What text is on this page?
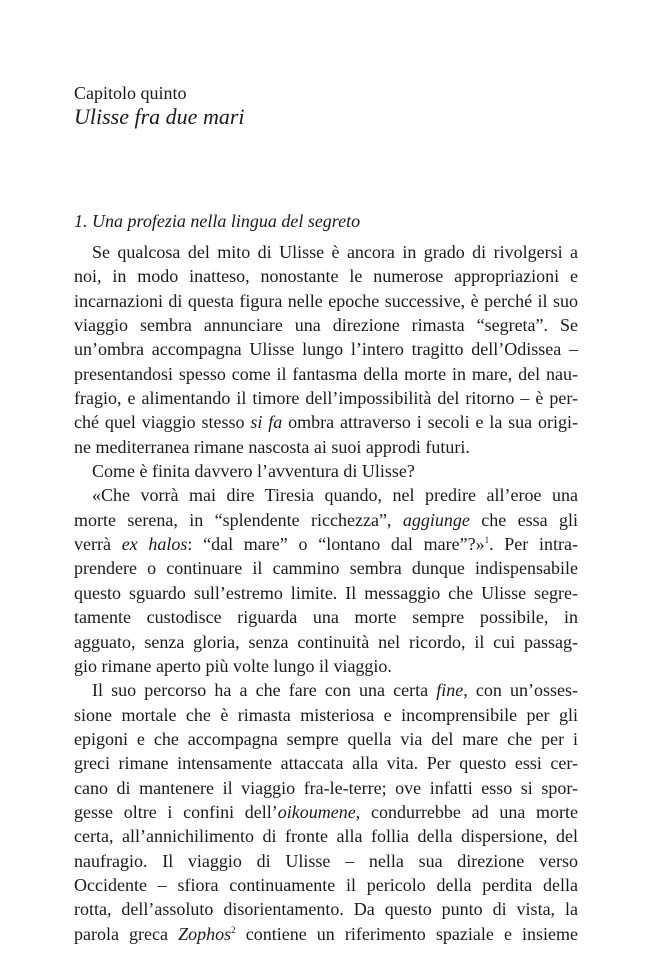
Capitolo quinto
Ulisse fra due mari
1. Una profezia nella lingua del segreto
Se qualcosa del mito di Ulisse è ancora in grado di rivolgersi a
noi, in modo inatteso, nonostante le numerose appropriazioni e
incarnazioni di questa figura nelle epoche successive, è perché il suo
viaggio sembra annunciare una direzione rimasta “segreta”. Se
un’ombra accompagna Ulisse lungo l’intero tragitto dell’Odissea –
presentandosi spesso come il fantasma della morte in mare, del nau-
fragio, e alimentando il timore dell’impossibilità del ritorno – è per-
ché quel viaggio stesso si fa ombra attraverso i secoli e la sua origi-
ne mediterranea rimane nascosta ai suoi approdi futuri.
Come è finita davvero l’avventura di Ulisse?
«Che vorrà mai dire Tiresia quando, nel predire all’eroe una
morte serena, in “splendente ricchezza”, aggiunge che essa gli
verrà ex halos: “dal mare” o “lontano dal mare”?»$^1$. Per intra-
prendere o continuare il cammino sembra dunque indispensabile
questo sguardo sull’estremo limite. Il messaggio che Ulisse segre-
tamente custodisce riguarda una morte sempre possibile, in
agguato, senza gloria, senza continuità nel ricordo, il cui passag-
gio rimane aperto più volte lungo il viaggio.
Il suo percorso ha a che fare con una certa fine, con un’osses-
sione mortale che è rimasta misteriosa e incomprensibile per gli
epigoni e che accompagna sempre quella via del mare che per i
greci rimane intensamente attaccata alla vita. Per questo essi cer-
cano di mantenere il viaggio fra-le-terre; ove infatti esso si spor-
gesse oltre i confini dell’oikoumene, condurrebbe ad una morte
certa, all’annichilimento di fronte alla follia della dispersione, del
naufragio. Il viaggio di Ulisse – nella sua direzione verso
Occidente – sfiora continuamente il pericolo della perdita della
rotta, dell’assoluto disorientamento. Da questo punto di vista, la
parola greca Zophos$^2$ contiene un riferimento spaziale e insieme
